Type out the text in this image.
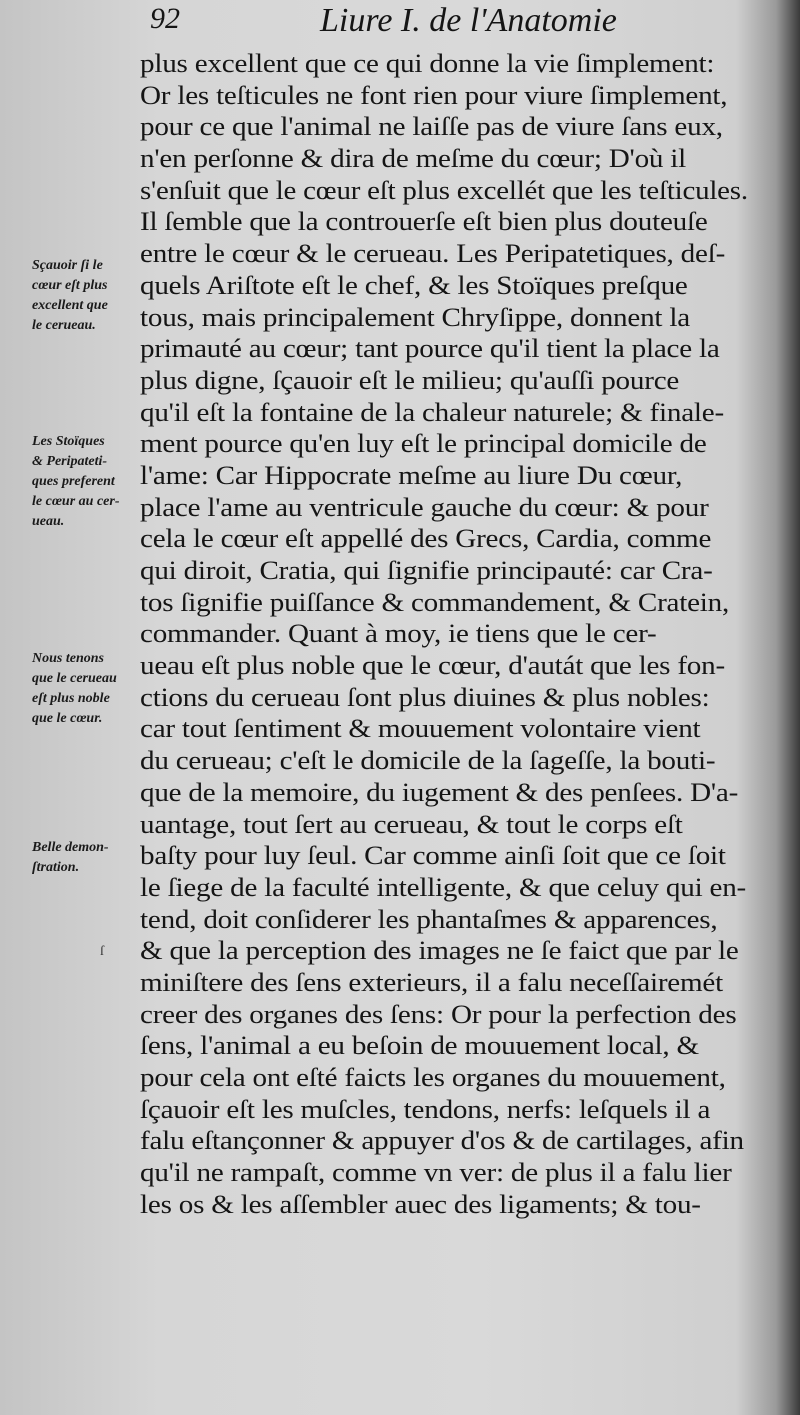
92	Liure I. de l'Anatomie
plus excellent que ce qui donne la vie ſimplement:
Or les teſticules ne font rien pour viure ſimplement,
pour ce que l'animal ne laiſſe pas de viure ſans eux,
n'en perſonne & dira de meſme du cœur; D'où il
s'enſuit que le cœur eſt plus excellét que les teſticules.
Il ſemble que la controuerſe eſt bien plus douteuſe
entre le cœur & le cerueau. Les Peripatetiques, deſ-
quels Ariſtote eſt le chef, & les Stoïques preſque
tous, mais principalement Chryſippe, donnent la
primauté au cœur; tant pource qu'il tient la place la
plus digne, ſçauoir eſt le milieu; qu'auſſi pource
qu'il eſt la fontaine de la chaleur naturele; & finale-
ment pource qu'en luy eſt le principal domicile de
l'ame: Car Hippocrate meſme au liure Du cœur,
place l'ame au ventricule gauche du cœur: & pour
cela le cœur eſt appellé des Grecs, Cardia, comme
qui diroit, Cratia, qui ſignifie principauté: car Cra-
tos ſignifie puiſſance & commandement, & Cratein,
commander. Quant à moy, ie tiens que le cer-
ueau eſt plus noble que le cœur, d'autát que les fon-
ctions du cerueau ſont plus diuines & plus nobles:
car tout ſentiment & mouuement volontaire vient
du cerueau; c'eſt le domicile de la ſageſſe, la bouti-
que de la memoire, du iugement & des penſees. D'a-
uantage, tout ſert au cerueau, & tout le corps eſt
baſty pour luy ſeul. Car comme ainſi ſoit que ce ſoit
le ſiege de la faculté intelligente, & que celuy qui en-
tend, doit conſiderer les phantaſmes & apparences,
& que la perception des images ne ſe faict que par le
miniſtere des ſens exterieurs, il a falu neceſſairemét
creer des organes des ſens: Or pour la perfection des
ſens, l'animal a eu beſoin de mouuement local, &
pour cela ont eſté faicts les organes du mouuement,
ſçauoir eſt les muſcles, tendons, nerfs: leſquels il a
falu eſtançonner & appuyer d'os & de cartilages, afin
qu'il ne rampaſt, comme vn ver: de plus il a falu lier
les os & les aſſembler auec des ligaments; & tou-
Sçauoir ſi le
cœur eſt plus
excellent que
le cerueau.
Les Stoïques
& Peripateti-
ques preferent
le cœur au cer-
ueau.
Nous tenons
que le cerueau
eſt plus noble
que le cœur.
Belle demon-
ſtration.
ſ
